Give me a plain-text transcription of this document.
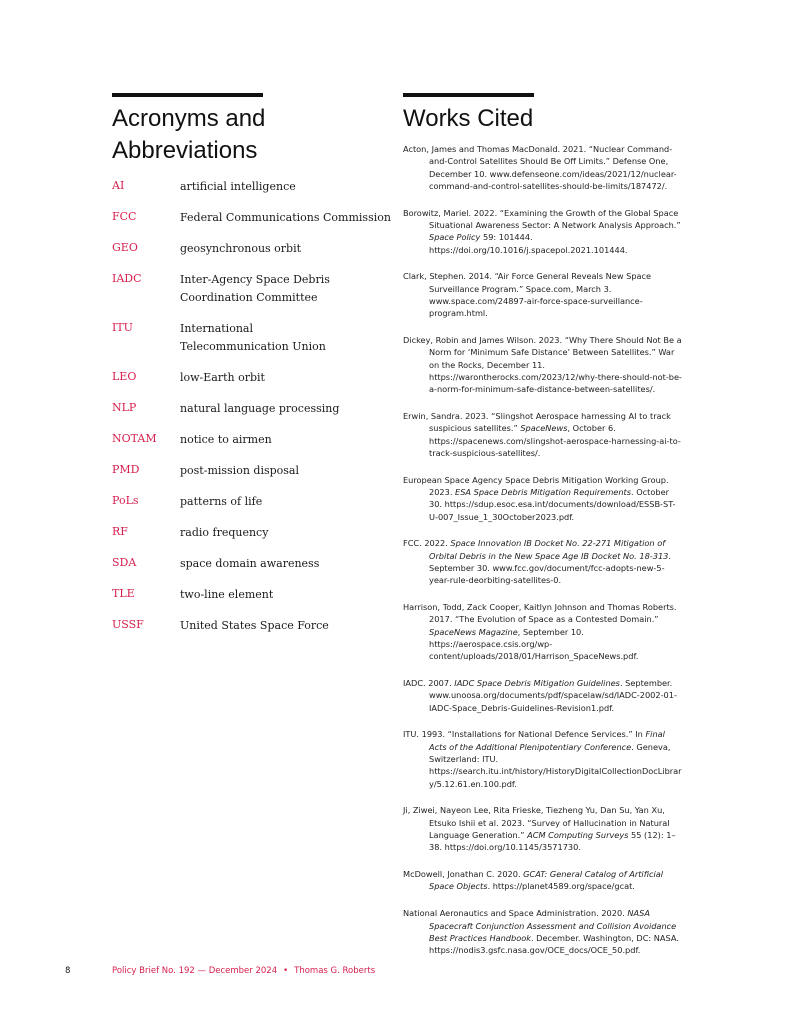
Acronyms and
Abbreviations
Works Cited
AI	artificial intelligence
FCC	Federal Communications Commission
GEO	geosynchronous orbit
IADC	Inter-Agency Space Debris Coordination Committee
ITU	International Telecommunication Union
LEO	low-Earth orbit
NLP	natural language processing
NOTAM	notice to airmen
PMD	post-mission disposal
PoLs	patterns of life
RF	radio frequency
SDA	space domain awareness
TLE	two-line element
USSF	United States Space Force
Acton, James and Thomas MacDonald. 2021. “Nuclear Command-and-Control Satellites Should Be Off Limits.” Defense One, December 10. www.defenseone.com/ideas/2021/12/nuclear-command-and-control-satellites-should-be-limits/187472/.
Borowitz, Mariel. 2022. “Examining the Growth of the Global Space Situational Awareness Sector: A Network Analysis Approach.” Space Policy 59: 101444. https://doi.org/10.1016/j.spacepol.2021.101444.
Clark, Stephen. 2014. “Air Force General Reveals New Space Surveillance Program.” Space.com, March 3. www.space.com/24897-air-force-space-surveillance-program.html.
Dickey, Robin and James Wilson. 2023. “Why There Should Not Be a Norm for ‘Minimum Safe Distance’ Between Satellites.” War on the Rocks, December 11. https://warontherocks.com/2023/12/why-there-should-not-be-a-norm-for-minimum-safe-distance-between-satellites/.
Erwin, Sandra. 2023. “Slingshot Aerospace harnessing AI to track suspicious satellites.” SpaceNews, October 6. https://spacenews.com/slingshot-aerospace-harnessing-ai-to-track-suspicious-satellites/.
European Space Agency Space Debris Mitigation Working Group. 2023. ESA Space Debris Mitigation Requirements. October 30. https://sdup.esoc.esa.int/documents/download/ESSB-ST-U-007_Issue_1_30October2023.pdf.
FCC. 2022. Space Innovation IB Docket No. 22-271 Mitigation of Orbital Debris in the New Space Age IB Docket No. 18-313. September 30. www.fcc.gov/document/fcc-adopts-new-5-year-rule-deorbiting-satellites-0.
Harrison, Todd, Zack Cooper, Kaitlyn Johnson and Thomas Roberts. 2017. “The Evolution of Space as a Contested Domain.” SpaceNews Magazine, September 10. https://aerospace.csis.org/wp-content/uploads/2018/01/Harrison_SpaceNews.pdf.
IADC. 2007. IADC Space Debris Mitigation Guidelines. September. www.unoosa.org/documents/pdf/spacelaw/sd/IADC-2002-01-IADC-Space_Debris-Guidelines-Revision1.pdf.
ITU. 1993. “Installations for National Defence Services.” In Final Acts of the Additional Plenipotentiary Conference. Geneva, Switzerland: ITU. https://search.itu.int/history/HistoryDigitalCollectionDocLibrary/5.12.61.en.100.pdf.
Ji, Ziwei, Nayeon Lee, Rita Frieske, Tiezheng Yu, Dan Su, Yan Xu, Etsuko Ishii et al. 2023. “Survey of Hallucination in Natural Language Generation.” ACM Computing Surveys 55 (12): 1–38. https://doi.org/10.1145/3571730.
McDowell, Jonathan C. 2020. GCAT: General Catalog of Artificial Space Objects. https://planet4589.org/space/gcat.
National Aeronautics and Space Administration. 2020. NASA Spacecraft Conjunction Assessment and Collision Avoidance Best Practices Handbook. December. Washington, DC: NASA. https://nodis3.gsfc.nasa.gov/OCE_docs/OCE_50.pdf.
8	Policy Brief No. 192 — December 2024 • Thomas G. Roberts
